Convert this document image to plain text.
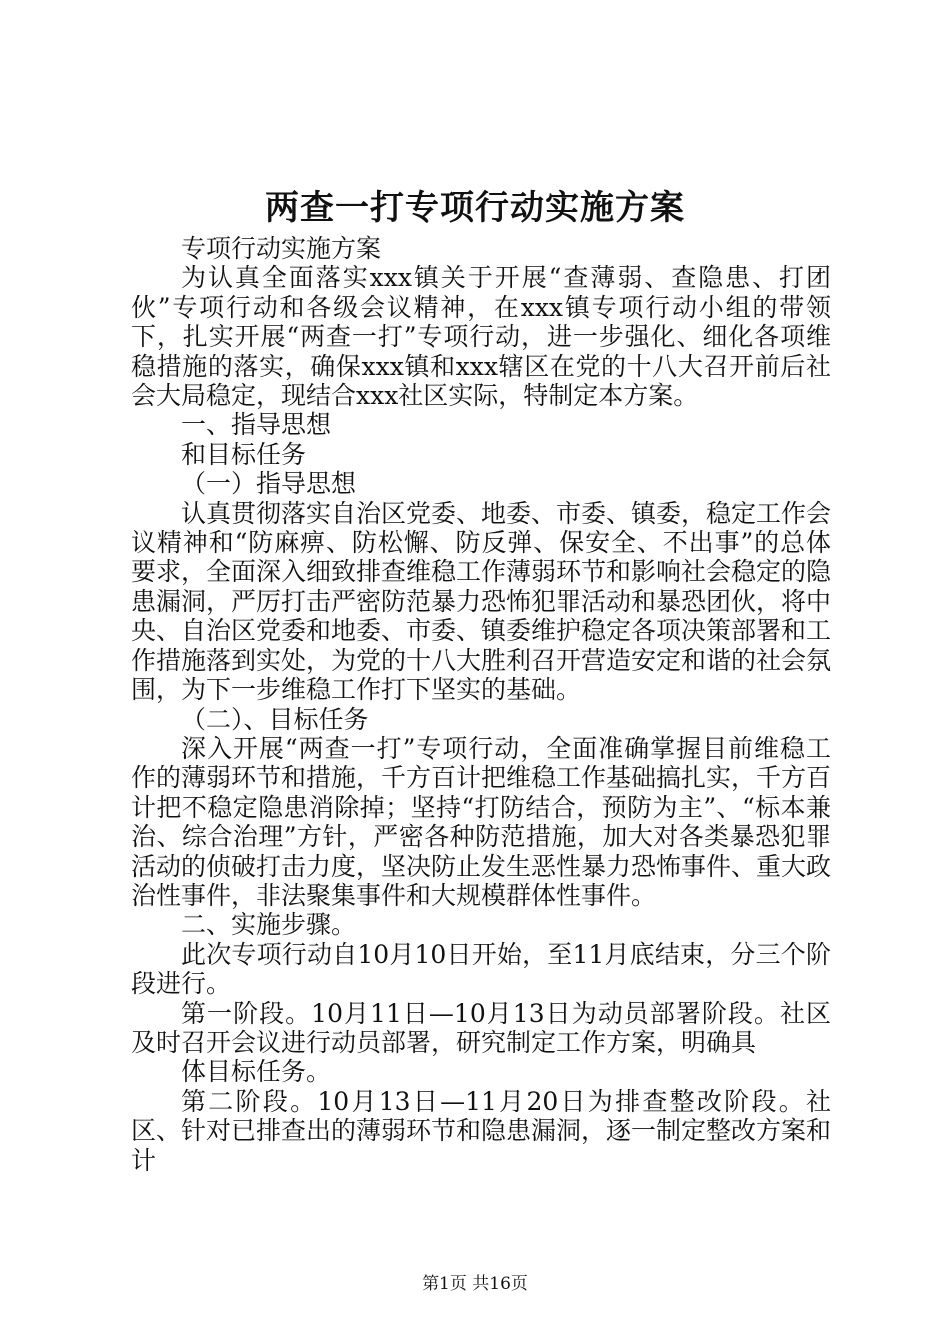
两查一打专项行动实施方案
专项行动实施方案
为认真全面落实xxx镇关于开展“查薄弱、查隐患、打团伙”专项行动和各级会议精神，在xxx镇专项行动小组的带领下，扎实开展“两查一打”专项行动，进一步强化、细化各项维稳措施的落实，确保xxx镇和xxx辖区在党的十八大召开前后社会大局稳定，现结合xxx社区实际，特制定本方案。
一、指导思想
和目标任务
（一）指导思想
认真贯彻落实自治区党委、地委、市委、镇委，稳定工作会议精神和“防麻痹、防松懈、防反弹、保安全、不出事”的总体要求，全面深入细致排查维稳工作薄弱环节和影响社会稳定的隐患漏洞，严厉打击严密防范暴力恐怖犯罪活动和暴恐团伙，将中央、自治区党委和地委、市委、镇委维护稳定各项决策部署和工作措施落到实处，为党的十八大胜利召开营造安定和谐的社会氛围，为下一步维稳工作打下坚实的基础。
（二）、目标任务
深入开展“两查一打”专项行动，全面准确掌握目前维稳工作的薄弱环节和措施，千方百计把维稳工作基础搞扎实，千方百计把不稳定隐患消除掉；坚持“打防结合，预防为主”、“标本兼治、综合治理”方针，严密各种防范措施，加大对各类暴恐犯罪活动的侦破打击力度，坚决防止发生恶性暴力恐怖事件、重大政治性事件，非法聚集事件和大规模群体性事件。
二、实施步骤。
此次专项行动自10月10日开始，至11月底结束，分三个阶段进行。
第一阶段。10月11日—10月13日为动员部署阶段。社区及时召开会议进行动员部署，研究制定工作方案，明确具
体目标任务。
第二阶段。10月13日—11月20日为排查整改阶段。社区、针对已排查出的薄弱环节和隐患漏洞，逐一制定整改方案和计
第1页 共16页
